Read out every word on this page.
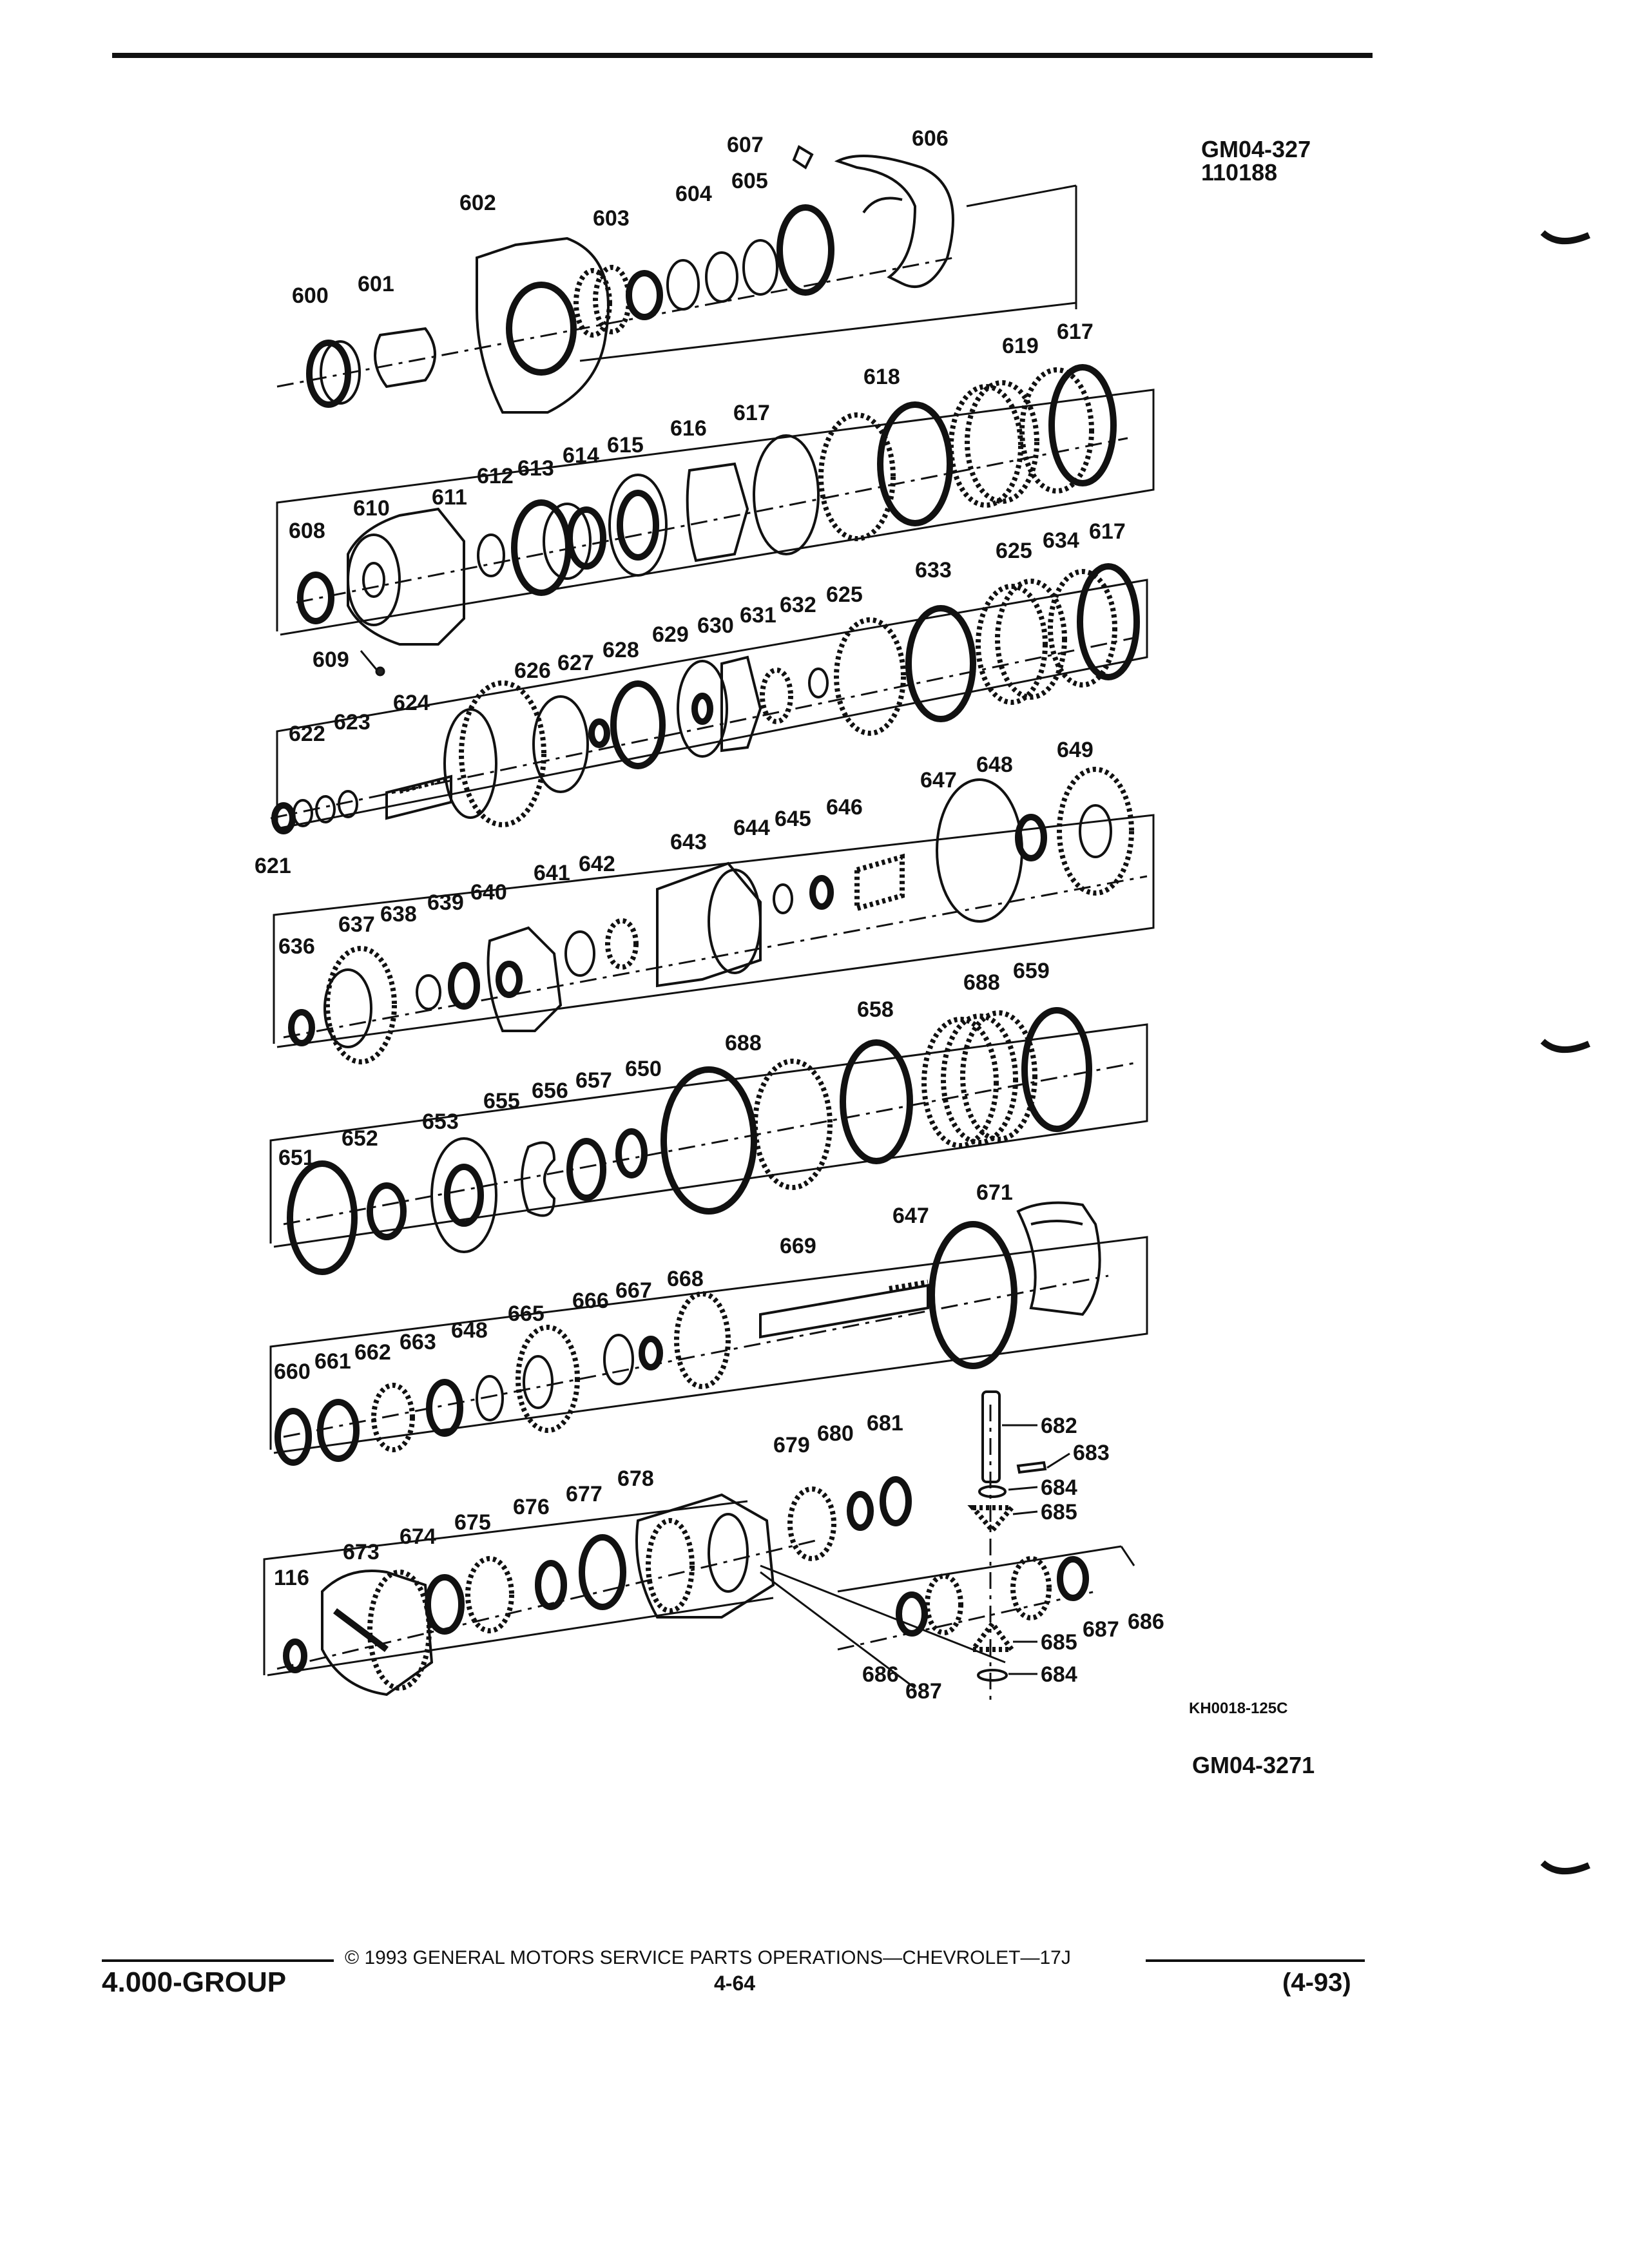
GM04-327
110188
600 601
602
603
604
605
606
607
608
609
610 611
612 613
614 615
616
617
618
619
617
621
622 623
624
626 627
628
629 630 631 632 625
633
625 634 617
636
637 638 639 640
641 642
643
644 645 646
647
648
649
651
652
653
655 656 657 650
688
658
688 659
660 661 662 663 648
665
666 667 668
669
647
671
116
673
674
675
676
677
678
679 680 681	682
683
684
685
686
687
685
684
687 686
KH0018-125C
GM04-3271
© 1993 GENERAL MOTORS SERVICE PARTS OPERATIONS—CHEVROLET—17J
4.000-GROUP	4-64	(4-93)
